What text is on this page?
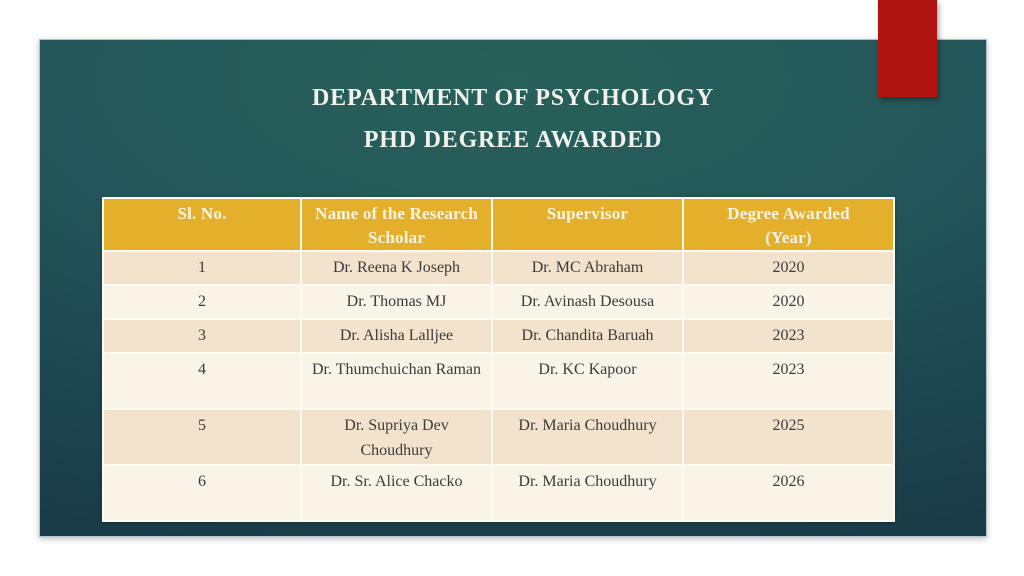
DEPARTMENT OF PSYCHOLOGY
PHD DEGREE AWARDED
Sl. No.	Name of the Research Scholar	Supervisor	Degree Awarded (Year)
1	Dr. Reena K Joseph	Dr. MC Abraham	2020
2	Dr. Thomas MJ	Dr. Avinash Desousa	2020
3	Dr. Alisha Lalljee	Dr. Chandita Baruah	2023
4	Dr. Thumchuichan Raman	Dr. KC Kapoor	2023
5	Dr. Supriya Dev Choudhury	Dr. Maria Choudhury	2025
6	Dr. Sr. Alice Chacko	Dr. Maria Choudhury	2026
